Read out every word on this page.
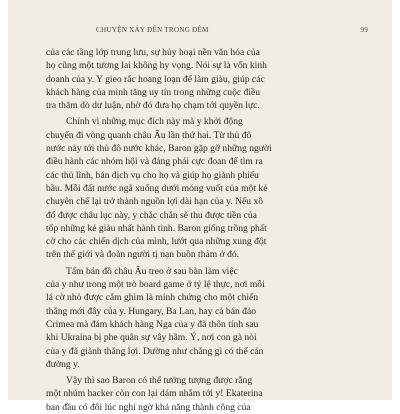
CHUYỆN XẢY ĐẾN TRONG ĐÊM	99

của các tầng lớp trung lưu, sự hủy hoại nền văn hóa của
họ cũng một tương lai không hy vọng. Nói sự là vốn kinh
doanh của y. Y gieo rắc hoang loạn để làm giàu, giúp các
khách hàng của mình tăng uy tín trong những cuộc điều
tra thăm dò dư luận, nhờ đó đưa họ chạm tới quyền lực.

Chính vì những mục đích này mà y khởi động
chuyến đi vòng quanh châu Âu lần thứ hai. Từ thủ đô
nước này tới thủ đô nước khác, Baron gặp gỡ những người
điều hành các nhóm hội và đảng phái cực đoan để tìm ra
các thủ lĩnh, bán dịch vụ cho họ và giúp họ giành phiếu
bầu. Mỗi đất nước ngã xuống dưới móng vuốt của một kẻ
chuyên chế lại trở thành nguồn lợi dài hạn của y. Nếu xô
đổ được châu lục này, y chắc chắn sẽ thu được tiền của
tốp những kẻ giàu nhất hành tinh. Baron giống trồng phất
cờ cho các chiến dịch của mình, lướt qua những xung đột
trên thế giới và đoàn người tị nạn buồn thảm ở đó.

Tấm bản đồ châu Âu treo ở sau bàn làm việc
của y như trong một trò board game ở tỷ lệ thực, nơi mỗi
lá cờ nhỏ được cắm ghim là minh chứng cho một chiến
thắng mới đây của y. Hungary, Ba Lan, hay cả bán đảo
Crimea mà đám khách hàng Nga của y đã thôn tính sau
khi Ukraina bị phe quân sự vây hãm. Ý, nơi con gà nòi
của y đã giành thắng lợi. Dường như chẳng gì có thể cản
đường y.

Vậy thì sao Baron có thể tưởng tượng được rằng
một nhúm hacker còn con lại dám nhắm tới y! Ekaterina
ban đầu có đôi lúc nghi ngờ khả năng thành công của
